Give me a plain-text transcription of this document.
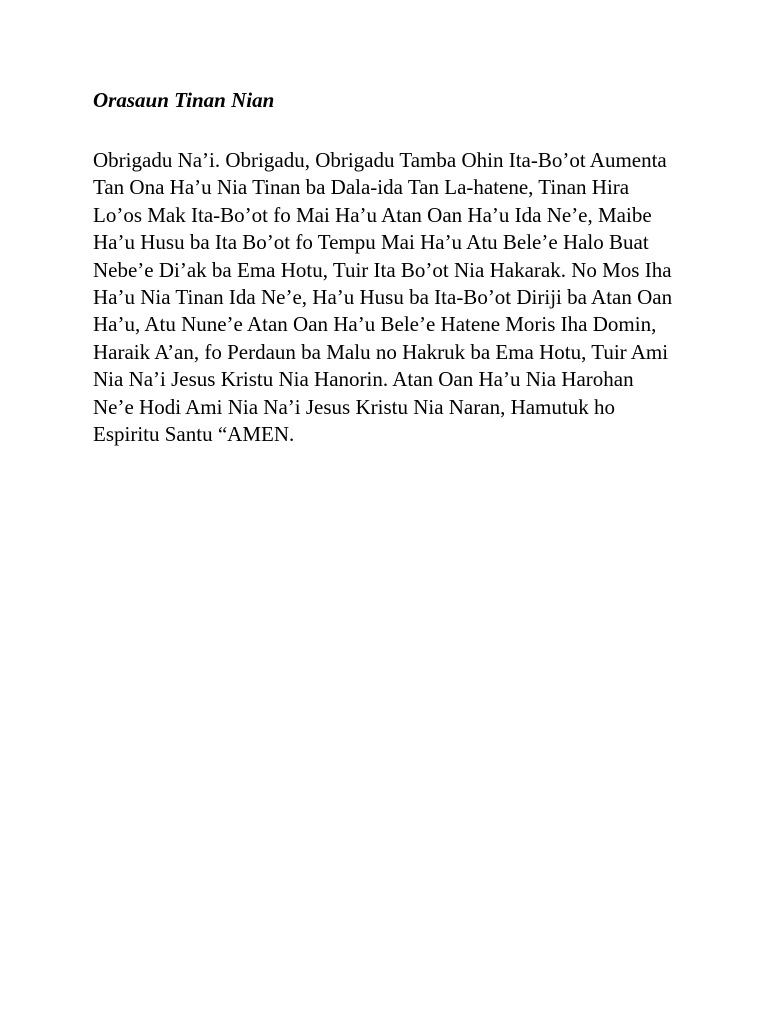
Orasaun Tinan Nian

Obrigadu Na’i. Obrigadu, Obrigadu Tamba Ohin Ita-Bo’ot Aumenta Tan Ona Ha’u Nia Tinan ba Dala-ida Tan La-hatene, Tinan Hira Lo’os Mak Ita-Bo’ot fo Mai Ha’u Atan Oan Ha’u Ida Ne’e, Maibe Ha’u Husu ba Ita Bo’ot fo Tempu Mai Ha’u Atu Bele’e Halo Buat Nebe’e Di’ak ba Ema Hotu, Tuir Ita Bo’ot Nia Hakarak. No Mos Iha Ha’u Nia Tinan Ida Ne’e, Ha’u Husu ba Ita-Bo’ot Diriji ba Atan Oan Ha’u, Atu Nune’e Atan Oan Ha’u Bele’e Hatene Moris Iha Domin, Haraik A’an, fo Perdaun ba Malu no Hakruk ba Ema Hotu, Tuir Ami Nia Na’i Jesus Kristu Nia Hanorin. Atan Oan Ha’u Nia Harohan Ne’e Hodi Ami Nia Na’i Jesus Kristu Nia Naran, Hamutuk ho Espiritu Santu “AMEN.
